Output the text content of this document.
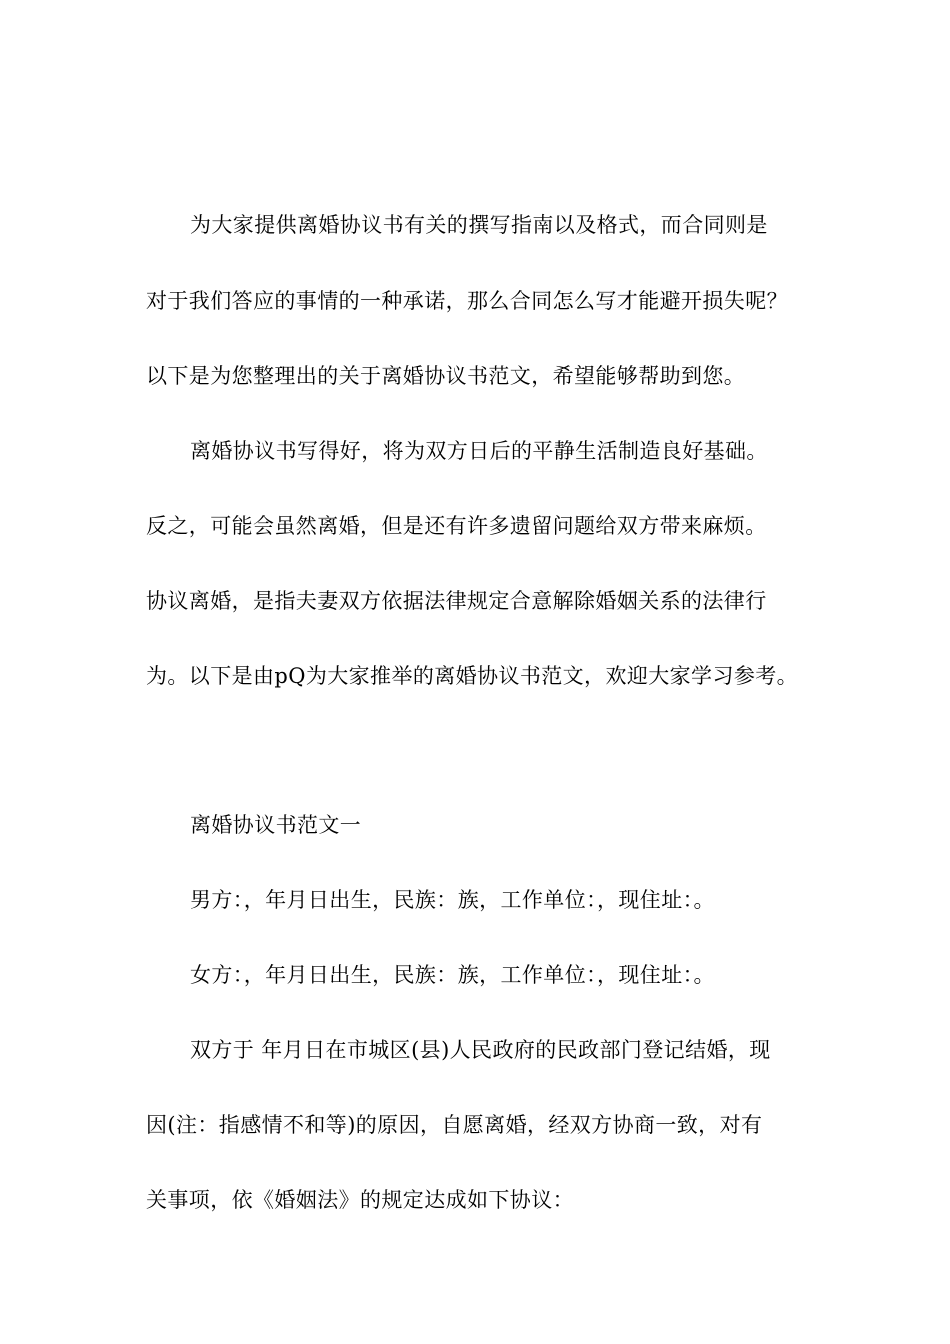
为大家提供离婚协议书有关的撰写指南以及格式，而合同则是
对于我们答应的事情的一种承诺，那么合同怎么写才能避开损失呢？
以下是为您整理出的关于离婚协议书范文，希望能够帮助到您。
离婚协议书写得好，将为双方日后的平静生活制造良好基础。
反之，可能会虽然离婚，但是还有许多遗留问题给双方带来麻烦。
协议离婚，是指夫妻双方依据法律规定合意解除婚姻关系的法律行
为。以下是由pQ为大家推举的离婚协议书范文，欢迎大家学习参考。
离婚协议书范文一
男方：，年月日出生，民族：族，工作单位：，现住址：。
女方：，年月日出生，民族：族，工作单位：，现住址：。
双方于 年月日在市城区(县)人民政府的民政部门登记结婚，现
因(注：指感情不和等)的原因，自愿离婚，经双方协商一致，对有
关事项，依《婚姻法》的规定达成如下协议：
